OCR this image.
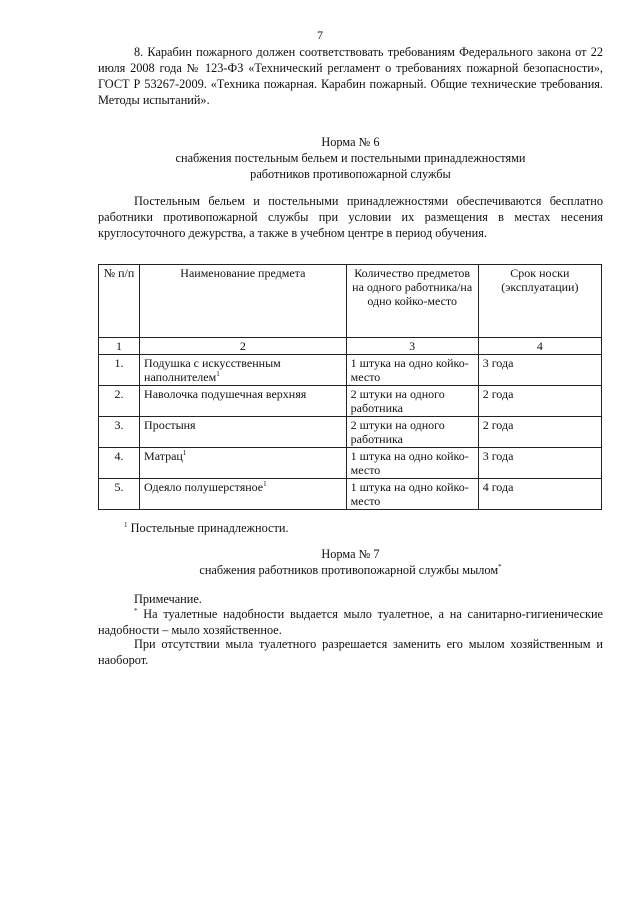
7

8. Карабин пожарного должен соответствовать требованиям Федерального закона от 22 июля 2008 года № 123-ФЗ «Технический регламент о требованиях пожарной безопасности», ГОСТ Р 53267-2009. «Техника пожарная. Карабин пожарный. Общие технические требования. Методы испытаний».

Норма № 6
снабжения постельным бельем и постельными принадлежностями
работников противопожарной службы

Постельным бельем и постельными принадлежностями обеспечиваются бесплатно работники противопожарной службы при условии их размещения в местах несения круглосуточного дежурства, а также в учебном центре в период обучения.

№ п/п	Наименование предмета	Количество предметов на одного работника/на одно койко-место	Срок носки (эксплуатации)
1	2	3	4
1.	Подушка с искусственным наполнителем$^1$	1 штука на одно койко-место	3 года
2.	Наволочка подушечная верхняя	2 штуки на одного работника	2 года
3.	Простыня	2 штуки на одного работника	2 года
4.	Матрац$^1$	1 штука на одно койко-место	3 года
5.	Одеяло полушерстяное$^1$	1 штука на одно койко-место	4 года
$^1$ Постельные принадлежности.
Норма № 7
снабжения работников противопожарной службы мылом*
Примечание.

* На туалетные надобности выдается мыло туалетное, а на санитарно-гигиенические надобности – мыло хозяйственное.

При отсутствии мыла туалетного разрешается заменить его мылом хозяйственным и наоборот.
